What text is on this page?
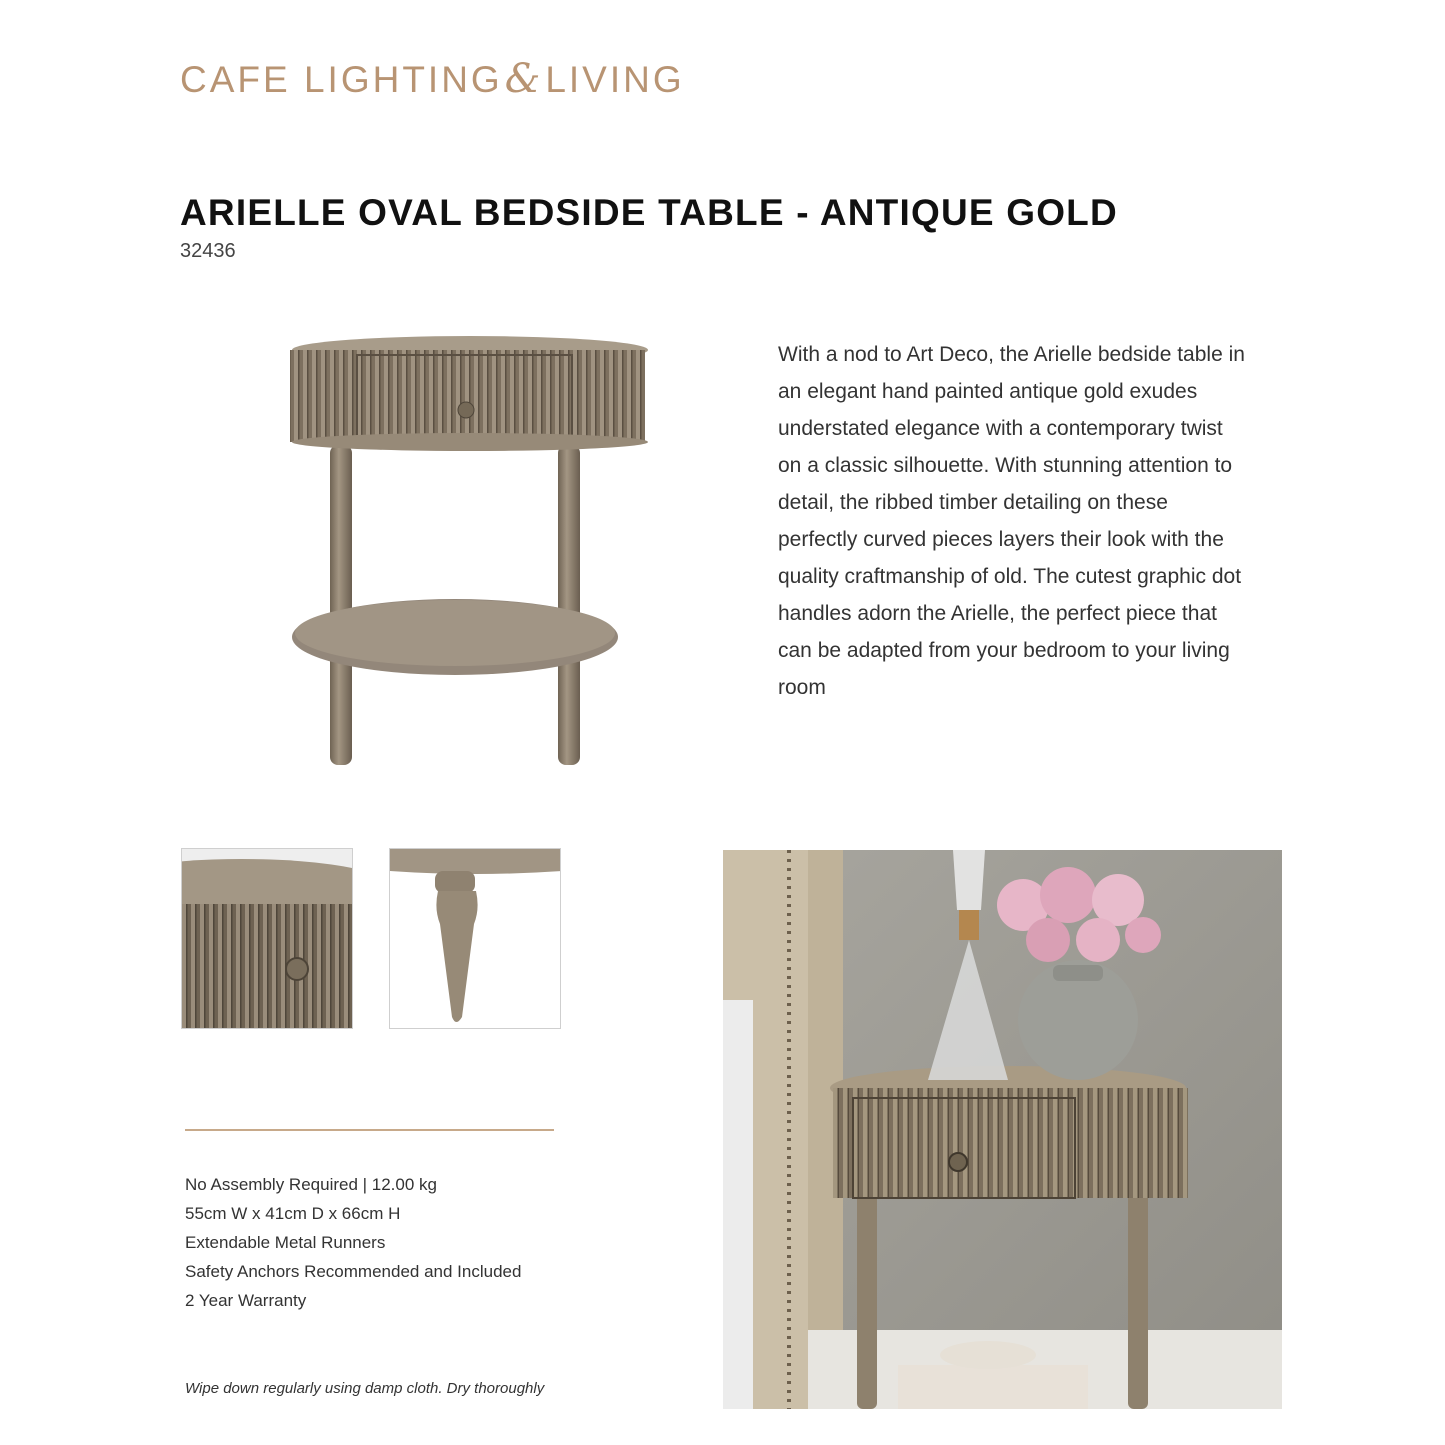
CAFE LIGHTING&LIVING
ARIELLE OVAL BEDSIDE TABLE - ANTIQUE GOLD
32436
With a nod to Art Deco, the Arielle bedside table in an elegant hand painted antique gold exudes understated elegance with a contemporary twist on a classic silhouette. With stunning attention to detail, the ribbed timber detailing on these perfectly curved pieces layers their look with the quality craftmanship of old. The cutest graphic dot handles adorn the Arielle, the perfect piece that can be adapted from your bedroom to your living room
No Assembly Required | 12.00 kg
55cm W x 41cm D x 66cm H
Extendable Metal Runners
Safety Anchors Recommended and Included
2 Year Warranty
Wipe down regularly using damp cloth. Dry thoroughly
